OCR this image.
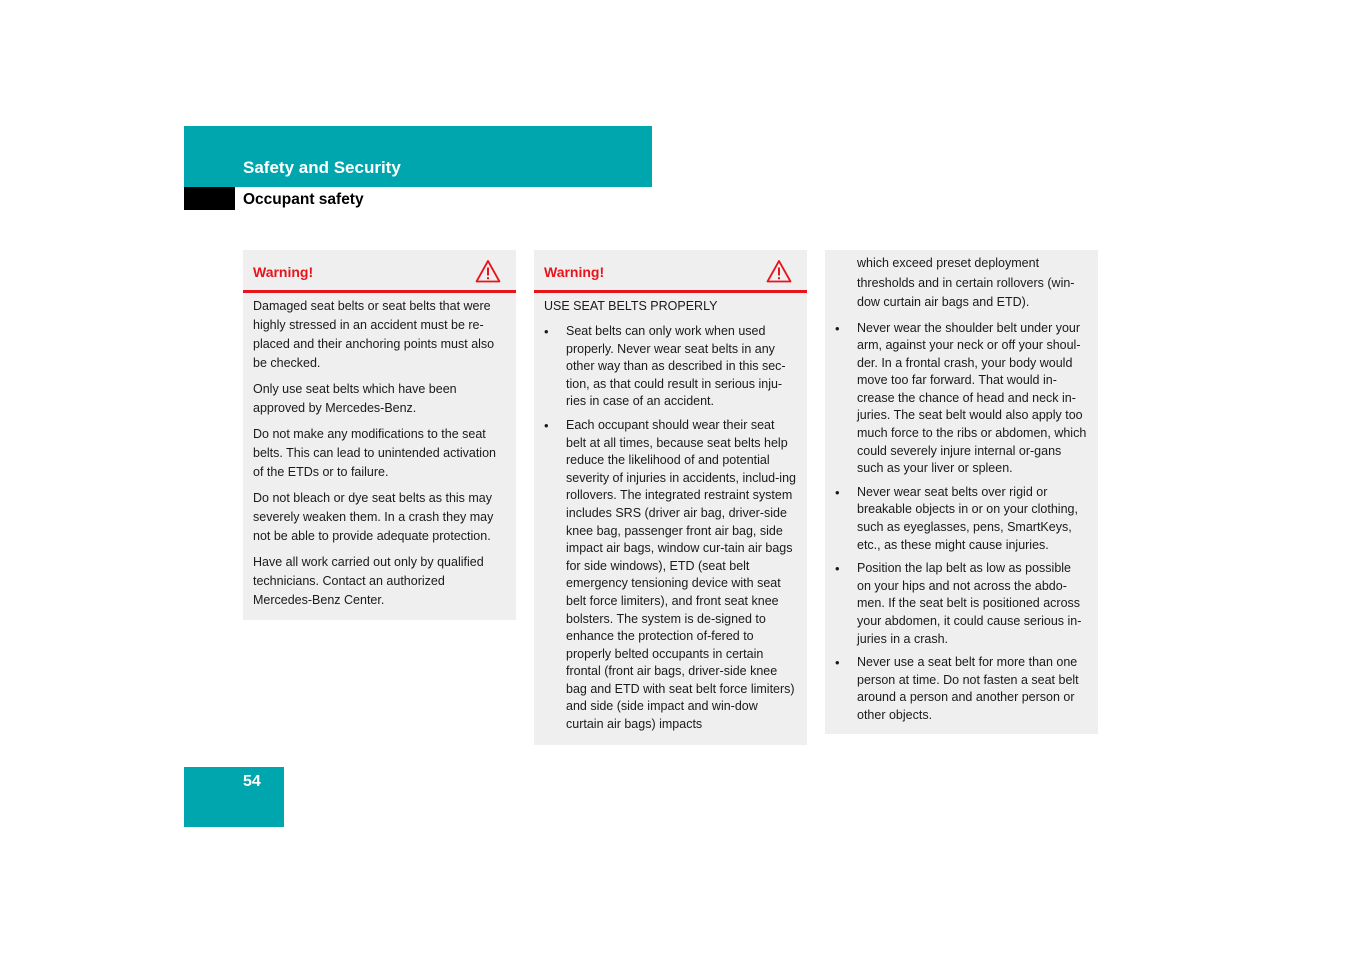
Safety and Security
Occupant safety
Warning!

Damaged seat belts or seat belts that were highly stressed in an accident must be re-placed and their anchoring points must also be checked.

Only use seat belts which have been approved by Mercedes-Benz.

Do not make any modifications to the seat belts. This can lead to unintended activation of the ETDs or to failure.

Do not bleach or dye seat belts as this may severely weaken them. In a crash they may not be able to provide adequate protection.

Have all work carried out only by qualified technicians. Contact an authorized Mercedes-Benz Center.

Warning!

USE SEAT BELTS PROPERLY

• Seat belts can only work when used properly. Never wear seat belts in any other way than as described in this sec-tion, as that could result in serious inju-ries in case of an accident.
• Each occupant should wear their seat belt at all times, because seat belts help reduce the likelihood of and potential severity of injuries in accidents, includ-ing rollovers. The integrated restraint system includes SRS (driver air bag, driver-side knee bag, passenger front air bag, side impact air bags, window cur-tain air bags for side windows), ETD (seat belt emergency tensioning device with seat belt force limiters), and front seat knee bolsters. The system is de-signed to enhance the protection of-fered to properly belted occupants in certain frontal (front air bags, driver-side knee bag and ETD with seat belt force limiters) and side (side impact and win-dow curtain air bags) impacts
which exceed preset deployment thresholds and in certain rollovers (win-dow curtain air bags and ETD).
• Never wear the shoulder belt under your arm, against your neck or off your shoul-der. In a frontal crash, your body would move too far forward. That would in-crease the chance of head and neck in-juries. The seat belt would also apply too much force to the ribs or abdomen, which could severely injure internal or-gans such as your liver or spleen.
• Never wear seat belts over rigid or breakable objects in or on your clothing, such as eyeglasses, pens, SmartKeys, etc., as these might cause injuries.
• Position the lap belt as low as possible on your hips and not across the abdo-men. If the seat belt is positioned across your abdomen, it could cause serious in-juries in a crash.
• Never use a seat belt for more than one person at time. Do not fasten a seat belt around a person and another person or other objects.
54
